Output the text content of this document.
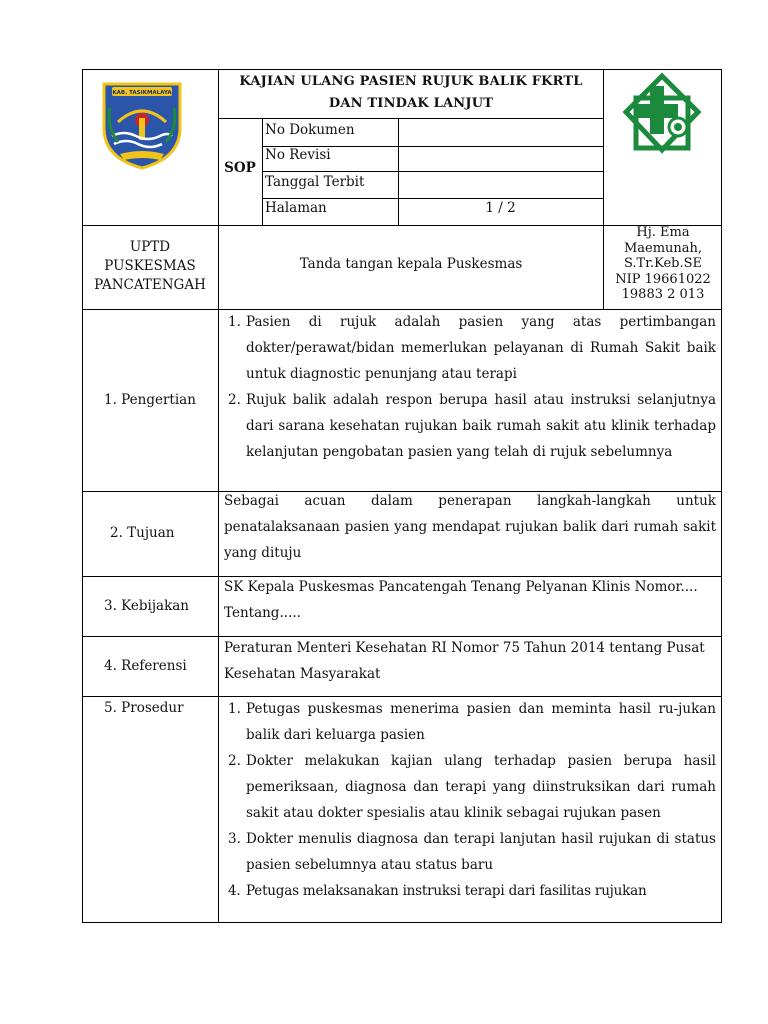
KAB. TASIKMALAYA
KAJIAN ULANG PASIEN RUJUK BALIK FKRTL
DAN TINDAK LANJUT
SOP
No Dokumen
No Revisi
Tanggal Terbit
Halaman	1 / 2
UPTD
PUSKESMAS
PANCATENGAH
Tanda tangan kepala Puskesmas
Hj. Ema
Maemunah,
S.Tr.Keb.SE
NIP 19661022
19883 2 013
1. Pengertian
1. Pasien di rujuk adalah pasien yang atas pertimbangan dokter/perawat/bidan memerlukan pelayanan di Rumah Sakit baik untuk diagnostic penunjang atau terapi
2. Rujuk balik adalah respon berupa hasil atau instruksi selanjutnya dari sarana kesehatan rujukan baik rumah sakit atu klinik terhadap kelanjutan pengobatan pasien yang telah di rujuk sebelumnya
2. Tujuan
Sebagai acuan dalam penerapan langkah-langkah untuk penatalaksanaan pasien yang mendapat rujukan balik dari rumah sakit yang dituju
3. Kebijakan
SK Kepala Puskesmas Pancatengah Tenang Pelyanan Klinis Nomor.... Tentang.....
4. Referensi
Peraturan Menteri Kesehatan RI Nomor 75 Tahun 2014 tentang Pusat Kesehatan Masyarakat
5. Prosedur	1. Petugas puskesmas menerima pasien dan meminta hasil ru-jukan balik dari keluarga pasien
2. Dokter melakukan kajian ulang terhadap pasien berupa hasil pemeriksaan, diagnosa dan terapi yang diinstruksikan dari rumah sakit atau dokter spesialis atau klinik sebagai rujukan pasen
3. Dokter menulis diagnosa dan terapi lanjutan hasil rujukan di status pasien sebelumnya atau status baru
4. Petugas melaksanakan instruksi terapi dari fasilitas rujukan
